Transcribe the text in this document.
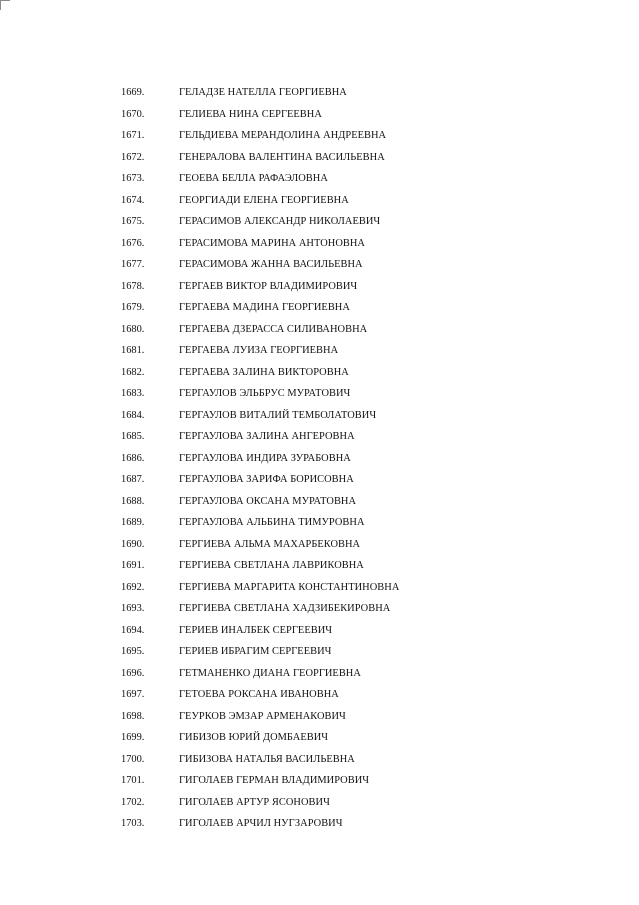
1669.	ГЕЛАДЗЕ НАТЕЛЛА ГЕОРГИЕВНА
1670.	ГЕЛИЕВА НИНА СЕРГЕЕВНА
1671.	ГЕЛЬДИЕВА МЕРАНДОЛИНА АНДРЕЕВНА
1672.	ГЕНЕРАЛОВА ВАЛЕНТИНА ВАСИЛЬЕВНА
1673.	ГЕОЕВА БЕЛЛА РАФАЭЛОВНА
1674.	ГЕОРГИАДИ ЕЛЕНА ГЕОРГИЕВНА
1675.	ГЕРАСИМОВ АЛЕКСАНДР НИКОЛАЕВИЧ
1676.	ГЕРАСИМОВА МАРИНА АНТОНОВНА
1677.	ГЕРАСИМОВА ЖАННА ВАСИЛЬЕВНА
1678.	ГЕРГАЕВ ВИКТОР ВЛАДИМИРОВИЧ
1679.	ГЕРГАЕВА МАДИНА ГЕОРГИЕВНА
1680.	ГЕРГАЕВА ДЗЕРАССА СИЛИВАНОВНА
1681.	ГЕРГАЕВА ЛУИЗА ГЕОРГИЕВНА
1682.	ГЕРГАЕВА ЗАЛИНА ВИКТОРОВНА
1683.	ГЕРГАУЛОВ ЭЛЬБРУС МУРАТОВИЧ
1684.	ГЕРГАУЛОВ ВИТАЛИЙ ТЕМБОЛАТОВИЧ
1685.	ГЕРГАУЛОВА ЗАЛИНА АНГЕРОВНА
1686.	ГЕРГАУЛОВА ИНДИРА ЗУРАБОВНА
1687.	ГЕРГАУЛОВА ЗАРИФА БОРИСОВНА
1688.	ГЕРГАУЛОВА ОКСАНА МУРАТОВНА
1689.	ГЕРГАУЛОВА АЛЬБИНА ТИМУРОВНА
1690.	ГЕРГИЕВА АЛЬМА МАХАРБЕКОВНА
1691.	ГЕРГИЕВА СВЕТЛАНА ЛАВРИКОВНА
1692.	ГЕРГИЕВА МАРГАРИТА КОНСТАНТИНОВНА
1693.	ГЕРГИЕВА СВЕТЛАНА ХАДЗИБЕКИРОВНА
1694.	ГЕРИЕВ ИНАЛБЕК СЕРГЕЕВИЧ
1695.	ГЕРИЕВ ИБРАГИМ СЕРГЕЕВИЧ
1696.	ГЕТМАНЕНКО ДИАНА ГЕОРГИЕВНА
1697.	ГЕТОЕВА РОКСАНА ИВАНОВНА
1698.	ГЕУРКОВ ЭМЗАР АРМЕНАКОВИЧ
1699.	ГИБИЗОВ ЮРИЙ ДОМБАЕВИЧ
1700.	ГИБИЗОВА НАТАЛЬЯ ВАСИЛЬЕВНА
1701.	ГИГОЛАЕВ ГЕРМАН ВЛАДИМИРОВИЧ
1702.	ГИГОЛАЕВ АРТУР ЯСОНОВИЧ
1703.	ГИГОЛАЕВ АРЧИЛ НУГЗАРОВИЧ
